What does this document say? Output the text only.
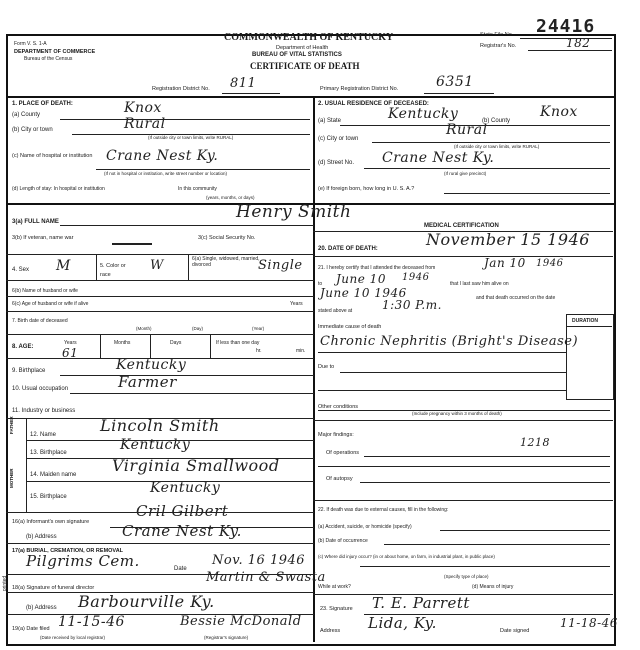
printed
Form V. S. 1-A
DEPARTMENT OF COMMERCE
Bureau of the Census
COMMONWEALTH OF KENTUCKY
Department of Health
BUREAU OF VITAL STATISTICS
CERTIFICATE OF DEATH
State File No. 24416
Registrar's No.	182
Registration District No. 811	Primary Registration District No.	6351
1. PLACE OF DEATH:
(a) County	Knox
(b) City or town	Rural
(If outside city or town limits, write RURAL)
(c) Name of hospital or institution Crane Nest Ky.
(If not in hospital or institution, write street number or location)
(d) Length of stay: In hospital or institution	In this community
(years, months, or days)
2. USUAL RESIDENCE OF DECEASED:
(a) State	Kentucky	(b) County
Knox
(c) City or town
Rural
(If outside city or town limits, write RURAL)
(d) Street No. Crane Nest Ky.
(If rural give precinct)
(e) If foreign born, how long in U. S. A.?
3(a) FULL NAME	Henry Smith
3(b) If veteran, name war	3(c) Social Security No.
4. Sex M	5. Color or race
W	6(a) Single, widowed, married, divorced	Single
6(b) Name of husband or wife
6(c) Age of husband or wife if alive	Years
7. Birth date of deceased
(Month)	(Day)	(Year)
8. AGE:
Years
61
Months	Days	If less than one day
hr.	min.
9. Birthplace	Kentucky
10. Usual occupation	Farmer
11. Industry or business
FATHER
12. Name	Lincoln Smith
13. Birthplace	Kentucky
MOTHER	14. Maiden name Virginia Smallwood
15. Birthplace
Kentucky
16(a) Informant's own signature
Cril Gilbert
(b) Address	Crane Nest Ky.
17(a) BURIAL, CREMATION, OR REMOVAL
Pilgrims Cem.	Date
Nov. 16 1946
18(a) Signature of funeral director
Martin & Swasta
(b) Address Barbourville Ky.
19(a) Date filed 11-15-46	Bessie McDonald
(Date received by local registrar)	(Registrar's signature)
MEDICAL CERTIFICATION
20. DATE OF DEATH:	November 15 1946
21. I hereby certify that I attended the deceased from	Jan 10 1946
to June 10 1946
that I last saw him alive on
June 10 1946	and that death occurred on the date
stated above at 1:30 P.m.
Immediate cause of death
DURATION
Chronic Nephritis (Bright's Disease)
Due to
Other conditions
(Include pregnancy within 3 months of death)
Major findings:
Of operations
1218
Of autopsy
22. If death was due to external causes, fill in the following:
(a) Accident, suicide, or homicide (specify)
(b) Date of occurrence
(c) Where did injury occur? (in or about home, on farm, in industrial plant, in public place)
(Specify type of place)
While at work?	(d) Means of injury
23. Signature T. E. Parrett
Address Lida, Ky.	Date signed
11-18-46
